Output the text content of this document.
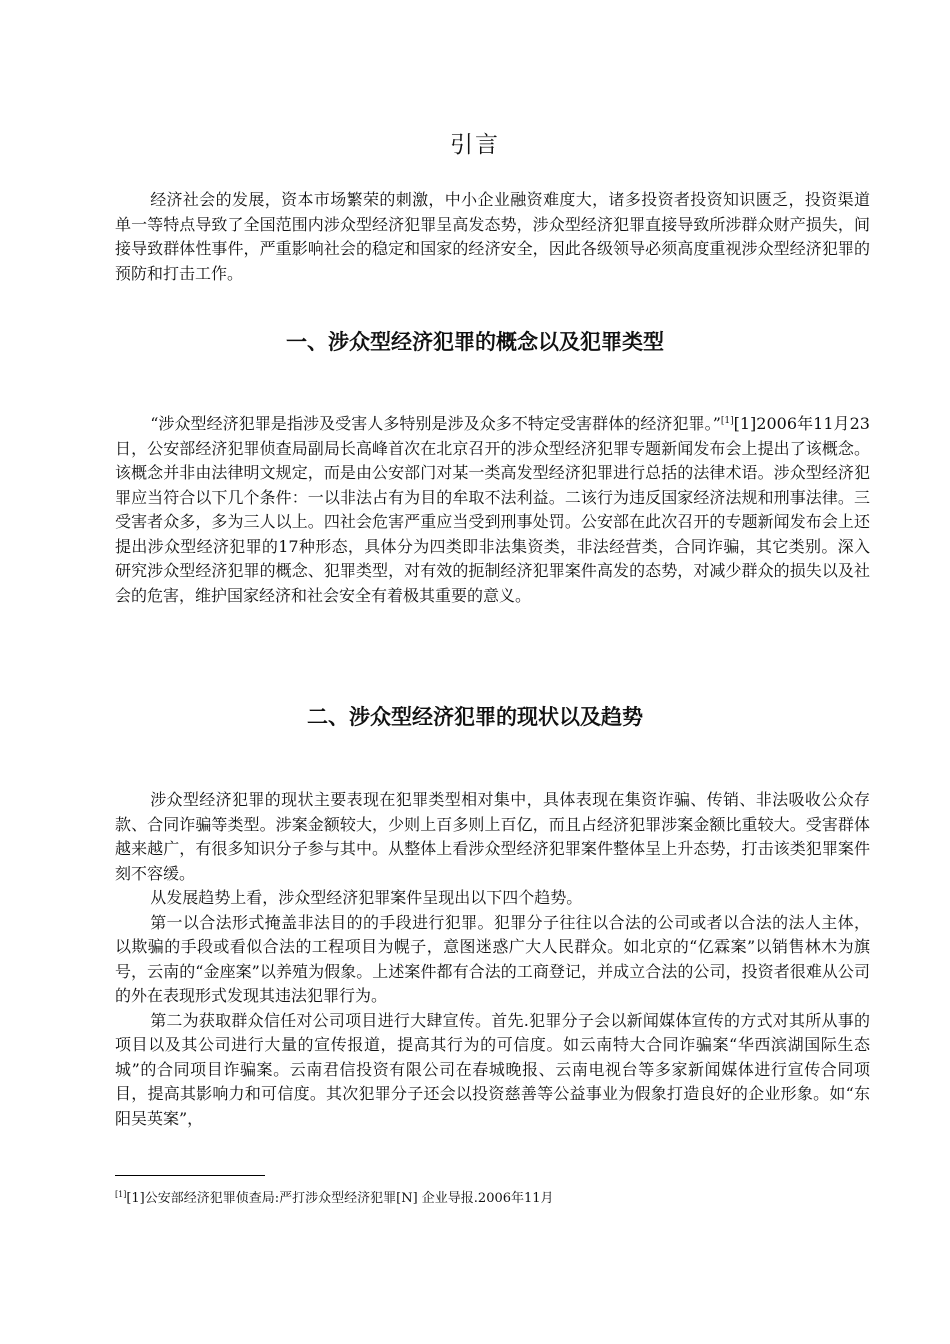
引言

经济社会的发展，资本市场繁荣的刺激，中小企业融资难度大，诸多投资者投资知识匮乏，投资渠道单一等特点导致了全国范围内涉众型经济犯罪呈高发态势，涉众型经济犯罪直接导致所涉群众财产损失，间接导致群体性事件，严重影响社会的稳定和国家的经济安全，因此各级领导必须高度重视涉众型经济犯罪的预防和打击工作。

一、涉众型经济犯罪的概念以及犯罪类型

“涉众型经济犯罪是指涉及受害人多特别是涉及众多不特定受害群体的经济犯罪。”[1][1]2006年11月23日，公安部经济犯罪侦查局副局长高峰首次在北京召开的涉众型经济犯罪专题新闻发布会上提出了该概念。该概念并非由法律明文规定，而是由公安部门对某一类高发型经济犯罪进行总括的法律术语。涉众型经济犯罪应当符合以下几个条件：一以非法占有为目的牟取不法利益。二该行为违反国家经济法规和刑事法律。三受害者众多，多为三人以上。四社会危害严重应当受到刑事处罚。公安部在此次召开的专题新闻发布会上还提出涉众型经济犯罪的17种形态，具体分为四类即非法集资类，非法经营类，合同诈骗，其它类别。深入研究涉众型经济犯罪的概念、犯罪类型，对有效的扼制经济犯罪案件高发的态势，对减少群众的损失以及社会的危害，维护国家经济和社会安全有着极其重要的意义。

二、涉众型经济犯罪的现状以及趋势

涉众型经济犯罪的现状主要表现在犯罪类型相对集中，具体表现在集资诈骗、传销、非法吸收公众存款、合同诈骗等类型。涉案金额较大，少则上百多则上百亿，而且占经济犯罪涉案金额比重较大。受害群体越来越广，有很多知识分子参与其中。从整体上看涉众型经济犯罪案件整体呈上升态势，打击该类犯罪案件刻不容缓。

从发展趋势上看，涉众型经济犯罪案件呈现出以下四个趋势。

第一以合法形式掩盖非法目的的手段进行犯罪。犯罪分子往往以合法的公司或者以合法的法人主体，以欺骗的手段或看似合法的工程项目为幌子，意图迷惑广大人民群众。如北京的“亿霖案”以销售林木为旗号，云南的“金座案”以养殖为假象。上述案件都有合法的工商登记，并成立合法的公司，投资者很难从公司的外在表现形式发现其违法犯罪行为。

第二为获取群众信任对公司项目进行大肆宣传。首先.犯罪分子会以新闻媒体宣传的方式对其所从事的项目以及其公司进行大量的宣传报道，提高其行为的可信度。如云南特大合同诈骗案“华西滨湖国际生态城”的合同项目诈骗案。云南君信投资有限公司在春城晚报、云南电视台等多家新闻媒体进行宣传合同项目，提高其影响力和可信度。其次犯罪分子还会以投资慈善等公益事业为假象打造良好的企业形象。如“东阳吴英案”，

[1][1]公安部经济犯罪侦查局:严打涉众型经济犯罪[N] 企业导报.2006年11月
